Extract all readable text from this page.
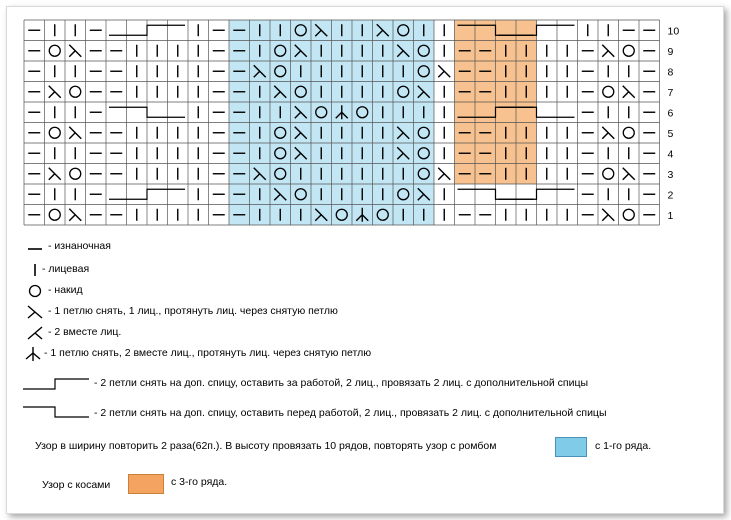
10
9
8
7
6
5
4
3
2
1
- изнаночная
- лицевая
- накид
- 1 петлю снять, 1 лиц., протянуть лиц. через снятую петлю
- 2 вместе лиц.
- 1 петлю снять, 2 вместе лиц., протянуть лиц. через снятую петлю
- 2 петли снять на доп. спицу, оставить за работой, 2 лиц., провязать 2 лиц. с дополнительной спицы
- 2 петли снять на доп. спицу, оставить перед работой, 2 лиц., провязать 2 лиц. с дополнительной спицы
Узор в ширину повторить 2 раза(62п.). В высоту провязать 10 рядов, повторять узор с ромбом	с 1-го ряда.
Узор с косами	с 3-го ряда.
